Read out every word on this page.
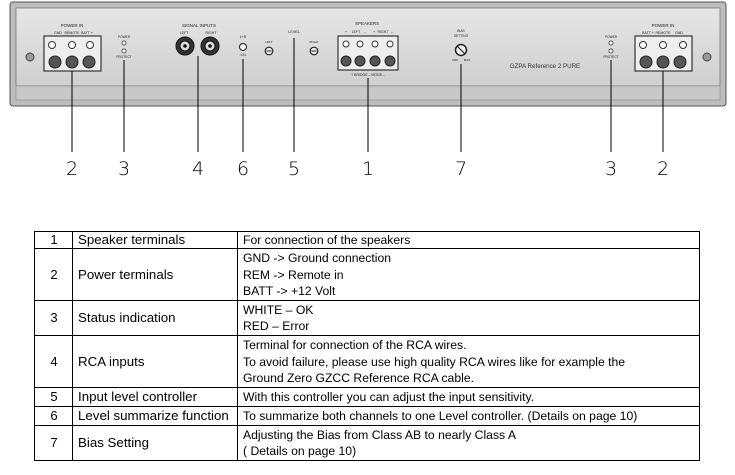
POWER IN
GND REMOTE BATT +
POWER
PROTECT
SIGNAL INPUTS
LEFT	RIGHT
L+R
⇒ΣL
LEVEL
LEFT	RIGHT
SPEAKERS
+ LEFT – + RIGHT –
+ BRIDGE – MODE –
BIAS
SETTING
MIN MAX
GZPA Reference 2 PURE
POWER
PROTECT
POWER IN
BATT + REMOTE GND
2	3	4	6	5	1	7	3	2
1	Speaker terminals	For connection of the speakers

2	Power terminals	GND -> Ground connection
REM -> Remote in
BATT -> +12 Volt

3	Status indication	WHITE – OK
RED – Error

4	RCA inputs	Terminal for connection of the RCA wires.
To avoid failure, please use high quality RCA wires like for example the
Ground Zero GZCC Reference RCA cable.

5	Input level controller	With this controller you can adjust the input sensitivity.

6	Level summarize function	To summarize both channels to one Level controller. (Details on page 10)

7	Bias Setting	Adjusting the Bias from Class AB to nearly Class A
( Details on page 10)
